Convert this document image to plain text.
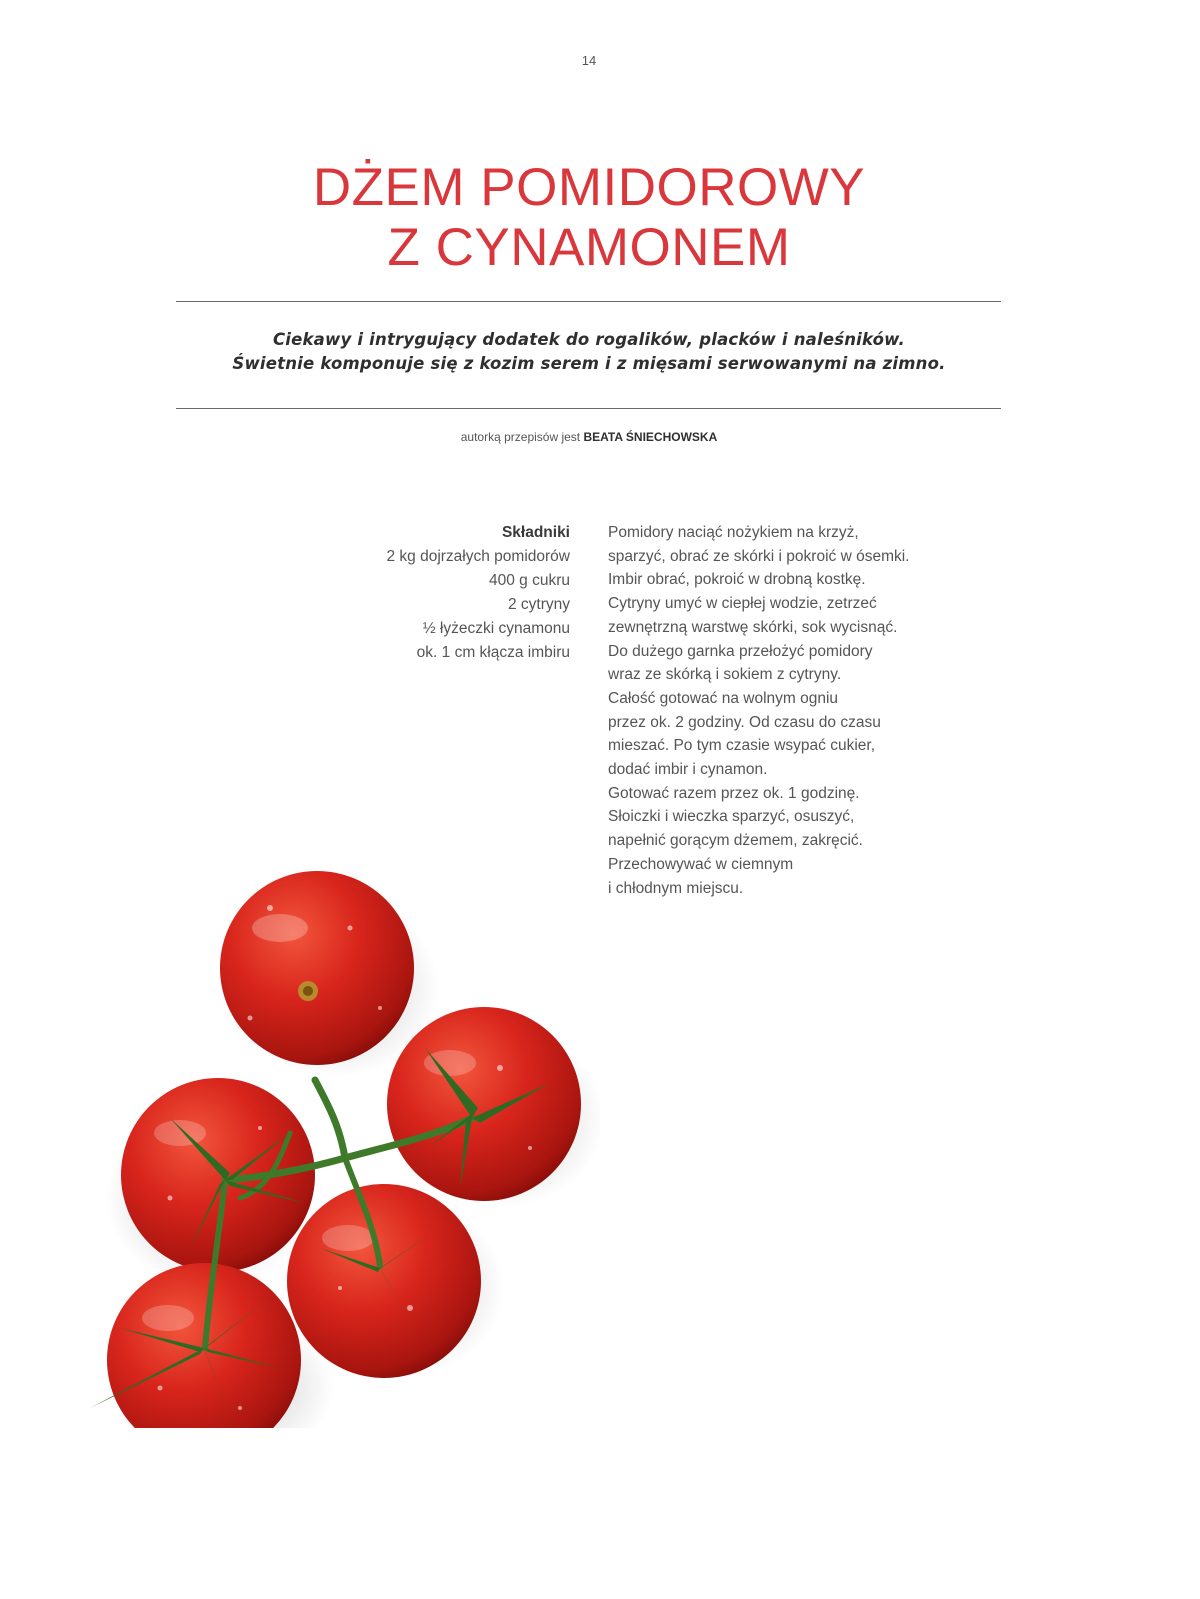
14
DŻEM POMIDOROWY
Z CYNAMONEM
Ciekawy i intrygujący dodatek do rogalików, placków i naleśników.
Świetnie komponuje się z kozim serem i z mięsami serwowanymi na zimno.
autorką przepisów jest BEATA ŚNIECHOWSKA
Składniki
2 kg dojrzałych pomidorów
400 g cukru
2 cytryny
½ łyżeczki cynamonu
ok. 1 cm kłącza imbiru
Pomidory naciąć nożykiem na krzyż,
sparzyć, obrać ze skórki i pokroić w ósemki.
Imbir obrać, pokroić w drobną kostkę.
Cytryny umyć w ciepłej wodzie, zetrzeć
zewnętrzną warstwę skórki, sok wycisnąć.
Do dużego garnka przełożyć pomidory
wraz ze skórką i sokiem z cytryny.
Całość gotować na wolnym ogniu
przez ok. 2 godziny. Od czasu do czasu
mieszać. Po tym czasie wsypać cukier,
dodać imbir i cynamon.
Gotować razem przez ok. 1 godzinę.
Słoiczki i wieczka sparzyć, osuszyć,
napełnić gorącym dżemem, zakręcić.
Przechowywać w ciemnym
i chłodnym miejscu.
